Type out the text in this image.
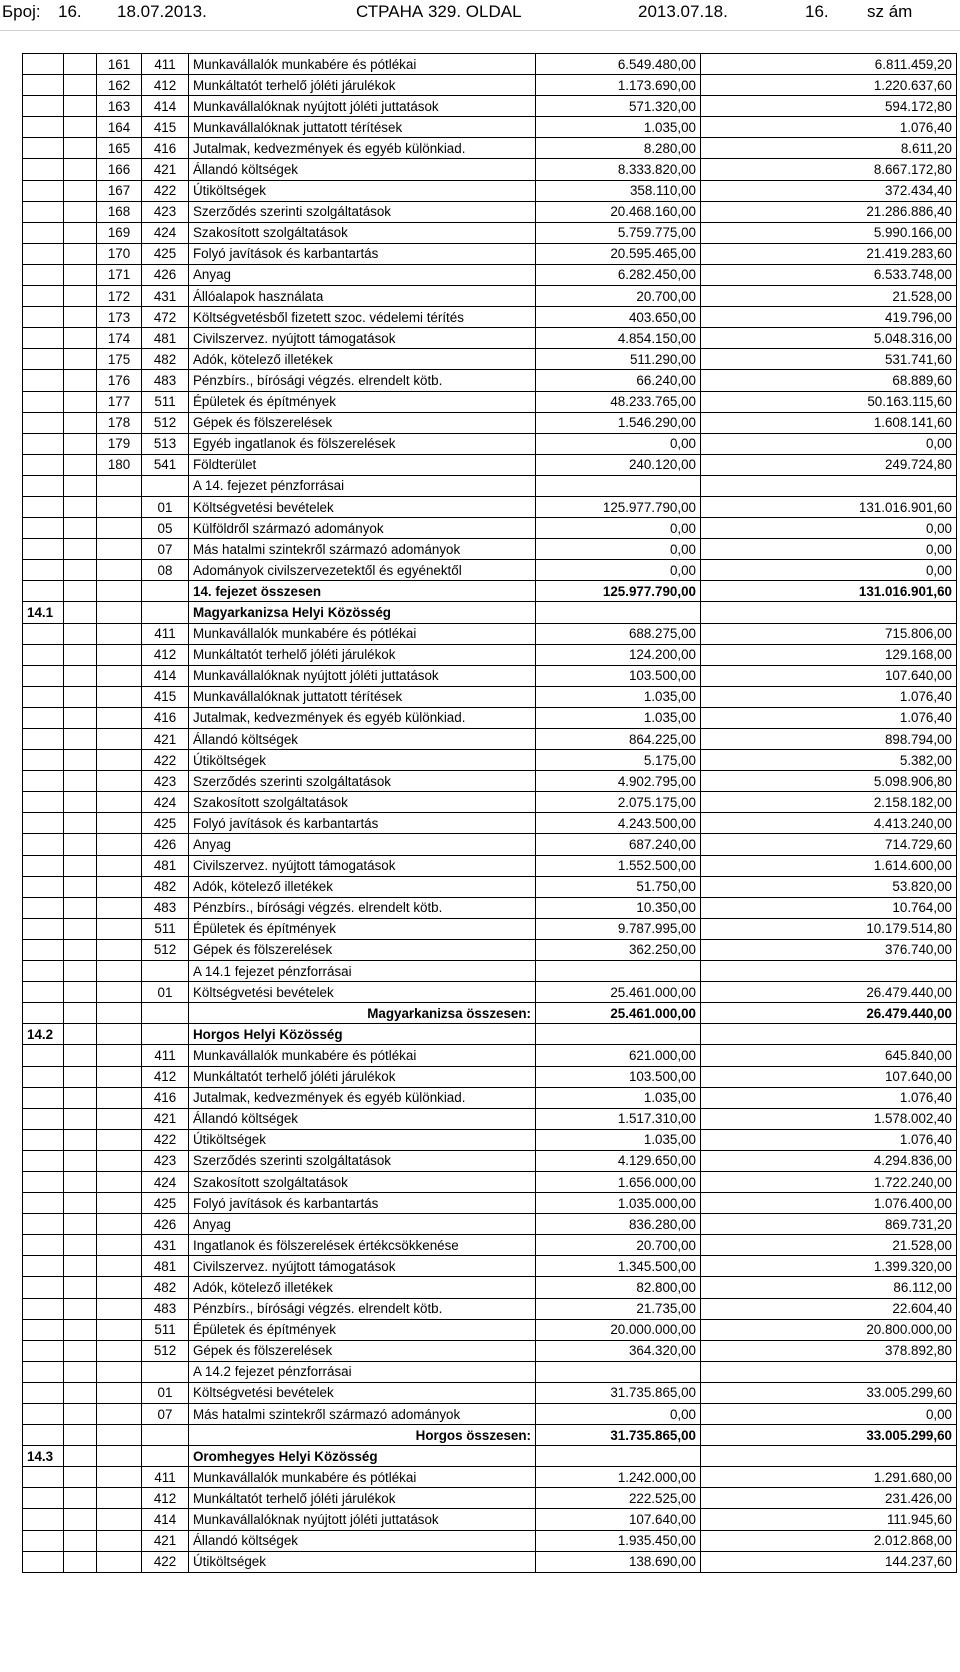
Број: 16. 18.07.2013.	СТРАНА 329. OLDAL	2013.07.18.	16. sz ám
		161	411	Munkavállalók munkabére és pótlékai	6.549.480,00	6.811.459,20
		162	412	Munkáltatót terhelő jóléti járulékok	1.173.690,00	1.220.637,60
		163	414	Munkavállalóknak nyújtott jóléti juttatások	571.320,00	594.172,80
		164	415	Munkavállalóknak juttatott térítések	1.035,00	1.076,40
		165	416	Jutalmak, kedvezmények és egyéb különkiad.	8.280,00	8.611,20
		166	421	Állandó költségek	8.333.820,00	8.667.172,80
		167	422	Útiköltségek	358.110,00	372.434,40
		168	423	Szerződés szerinti szolgáltatások	20.468.160,00	21.286.886,40
		169	424	Szakosított szolgáltatások	5.759.775,00	5.990.166,00
		170	425	Folyó javítások és karbantartás	20.595.465,00	21.419.283,60
		171	426	Anyag	6.282.450,00	6.533.748,00
		172	431	Állóalapok használata	20.700,00	21.528,00
		173	472	Költségvetésből fizetett szoc. védelemi térítés	403.650,00	419.796,00
		174	481	Civilszervez. nyújtott támogatások	4.854.150,00	5.048.316,00
		175	482	Adók, kötelező illetékek	511.290,00	531.741,60
		176	483	Pénzbírs., bírósági végzés. elrendelt kötb.	66.240,00	68.889,60
		177	511	Épületek és építmények	48.233.765,00	50.163.115,60
		178	512	Gépek és fölszerelések	1.546.290,00	1.608.141,60
		179	513	Egyéb ingatlanok és fölszerelések	0,00	0,00
		180	541	Földterület	240.120,00	249.724,80
				A 14. fejezet pénzforrásai		
			01	Költségvetési bevételek	125.977.790,00	131.016.901,60
			05	Külföldről származó adományok	0,00	0,00
			07	Más hatalmi szintekről származó adományok	0,00	0,00
			08	Adományok civilszervezetektől és egyénektől	0,00	0,00
				14. fejezet összesen	125.977.790,00	131.016.901,60
14.1				Magyarkanizsa Helyi Közösség		
			411	Munkavállalók munkabére és pótlékai	688.275,00	715.806,00
			412	Munkáltatót terhelő jóléti járulékok	124.200,00	129.168,00
			414	Munkavállalóknak nyújtott jóléti juttatások	103.500,00	107.640,00
			415	Munkavállalóknak juttatott térítések	1.035,00	1.076,40
			416	Jutalmak, kedvezmények és egyéb különkiad.	1.035,00	1.076,40
			421	Állandó költségek	864.225,00	898.794,00
			422	Útiköltségek	5.175,00	5.382,00
			423	Szerződés szerinti szolgáltatások	4.902.795,00	5.098.906,80
			424	Szakosított szolgáltatások	2.075.175,00	2.158.182,00
			425	Folyó javítások és karbantartás	4.243.500,00	4.413.240,00
			426	Anyag	687.240,00	714.729,60
			481	Civilszervez. nyújtott támogatások	1.552.500,00	1.614.600,00
			482	Adók, kötelező illetékek	51.750,00	53.820,00
			483	Pénzbírs., bírósági végzés. elrendelt kötb.	10.350,00	10.764,00
			511	Épületek és építmények	9.787.995,00	10.179.514,80
			512	Gépek és fölszerelések	362.250,00	376.740,00
				A 14.1 fejezet pénzforrásai		
			01	Költségvetési bevételek	25.461.000,00	26.479.440,00
				Magyarkanizsa összesen:	25.461.000,00	26.479.440,00
14.2				Horgos Helyi Közösség		
			411	Munkavállalók munkabére és pótlékai	621.000,00	645.840,00
			412	Munkáltatót terhelő jóléti járulékok	103.500,00	107.640,00
			416	Jutalmak, kedvezmények és egyéb különkiad.	1.035,00	1.076,40
			421	Állandó költségek	1.517.310,00	1.578.002,40
			422	Útiköltségek	1.035,00	1.076,40
			423	Szerződés szerinti szolgáltatások	4.129.650,00	4.294.836,00
			424	Szakosított szolgáltatások	1.656.000,00	1.722.240,00
			425	Folyó javítások és karbantartás	1.035.000,00	1.076.400,00
			426	Anyag	836.280,00	869.731,20
			431	Ingatlanok és fölszerelések értékcsökkenése	20.700,00	21.528,00
			481	Civilszervez. nyújtott támogatások	1.345.500,00	1.399.320,00
			482	Adók, kötelező illetékek	82.800,00	86.112,00
			483	Pénzbírs., bírósági végzés. elrendelt kötb.	21.735,00	22.604,40
			511	Épületek és építmények	20.000.000,00	20.800.000,00
			512	Gépek és fölszerelések	364.320,00	378.892,80
				A 14.2 fejezet pénzforrásai		
			01	Költségvetési bevételek	31.735.865,00	33.005.299,60
			07	Más hatalmi szintekről származó adományok	0,00	0,00
				Horgos összesen:	31.735.865,00	33.005.299,60
14.3				Oromhegyes Helyi Közösség		
			411	Munkavállalók munkabére és pótlékai	1.242.000,00	1.291.680,00
			412	Munkáltatót terhelő jóléti járulékok	222.525,00	231.426,00
			414	Munkavállalóknak nyújtott jóléti juttatások	107.640,00	111.945,60
			421	Állandó költségek	1.935.450,00	2.012.868,00
			422	Útiköltségek	138.690,00	144.237,60
